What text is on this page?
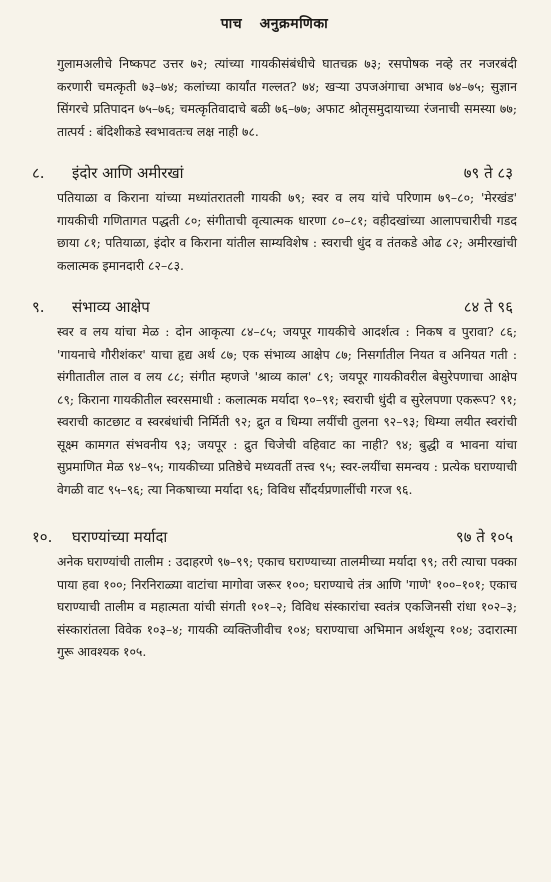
पाच अनुक्रमणिका

गुलामअलीचे निष्कपट उत्तर ७२; त्यांच्या गायकीसंबंधीचे घातचक्र ७३; रसपोषक नव्हे तर नजरबंदी करणारी चमत्कृती ७३–७४; कलांच्या कार्यांत गल्लत? ७४; खऱ्या उपजअंगाचा अभाव ७४–७५; सुज्ञान सिंगरचे प्रतिपादन ७५–७६; चमत्कृतिवादाचे बळी ७६–७७; अफाट श्रोतृसमुदायाच्या रंजनाची समस्या ७७; तात्पर्य : बंदिशीकडे स्वभावतःच लक्ष नाही ७८.

८.	इंदोर आणि अमीरखां	७९ ते ८३

पतियाळा व किराना यांच्या मध्यांतरातली गायकी ७९; स्वर व लय यांचे परिणाम ७९–८०; 'मेरखंड' गायकीची गणितागत पद्धती ८०; संगीताची वृत्यात्मक धारणा ८०–८१; वहीदखांच्या आलापचारीची गडद छाया ८१; पतियाळा, इंदोर व किराना यांतील साम्यविशेष : स्वराची धुंद व तंतकडे ओढ ८२; अमीरखांची कलात्मक इमानदारी ८२–८३.

९.	संभाव्य आक्षेप	८४ ते ९६

स्वर व लय यांचा मेळ : दोन आकृत्या ८४–८५; जयपूर गायकीचे आदर्शत्व : निकष व पुरावा? ८६; 'गायनाचे गौरीशंकर' याचा हृद्य अर्थ ८७; एक संभाव्य आक्षेप ८७; निसर्गातील नियत व अनियत गती : संगीतातील ताल व लय ८८; संगीत म्हणजे 'श्राव्य काल' ८९; जयपूर गायकीवरील बेसुरेपणाचा आक्षेप ८९; किराना गायकीतील स्वरसमाधी : कलात्मक मर्यादा ९०–९१; स्वराची धुंदी व सुरेलपणा एकरूप? ९१; स्वराची काटछाट व स्वरबंधांची निर्मिती ९२; द्रुत व धिम्या लयींची तुलना ९२–९३; धिम्या लयीत स्वरांची सूक्ष्म कामगत संभवनीय ९३; जयपूर : द्रुत चिजेची वहिवाट का नाही? ९४; बुद्धी व भावना यांचा सुप्रमाणित मेळ ९४–९५; गायकीच्या प्रतिष्ठेचे मध्यवर्ती तत्त्व ९५; स्वर-लयींचा समन्वय : प्रत्येक घराण्याची वेगळी वाट ९५–९६; त्या निकषाच्या मर्यादा ९६; विविध सौंदर्यप्रणालींची गरज ९६.

१०.	घराण्यांच्या मर्यादा	९७ ते १०५

अनेक घराण्यांची तालीम : उदाहरणे ९७–९९; एकाच घराण्याच्या तालमीच्या मर्यादा ९९; तरी त्याचा पक्का पाया हवा १००; निरनिराळ्या वाटांचा मागोवा जरूर १००; घराण्याचे तंत्र आणि 'गाणे' १००–१०१; एकाच घराण्याची तालीम व महात्मता यांची संगती १०१–२; विविध संस्कारांचा स्वतंत्र एकजिनसी रांधा १०२–३; संस्कारांतला विवेक १०३–४; गायकी व्यक्तिजीवीच १०४; घराण्याचा अभिमान अर्थशून्य १०४; उदारात्मा गुरू आवश्यक १०५.
